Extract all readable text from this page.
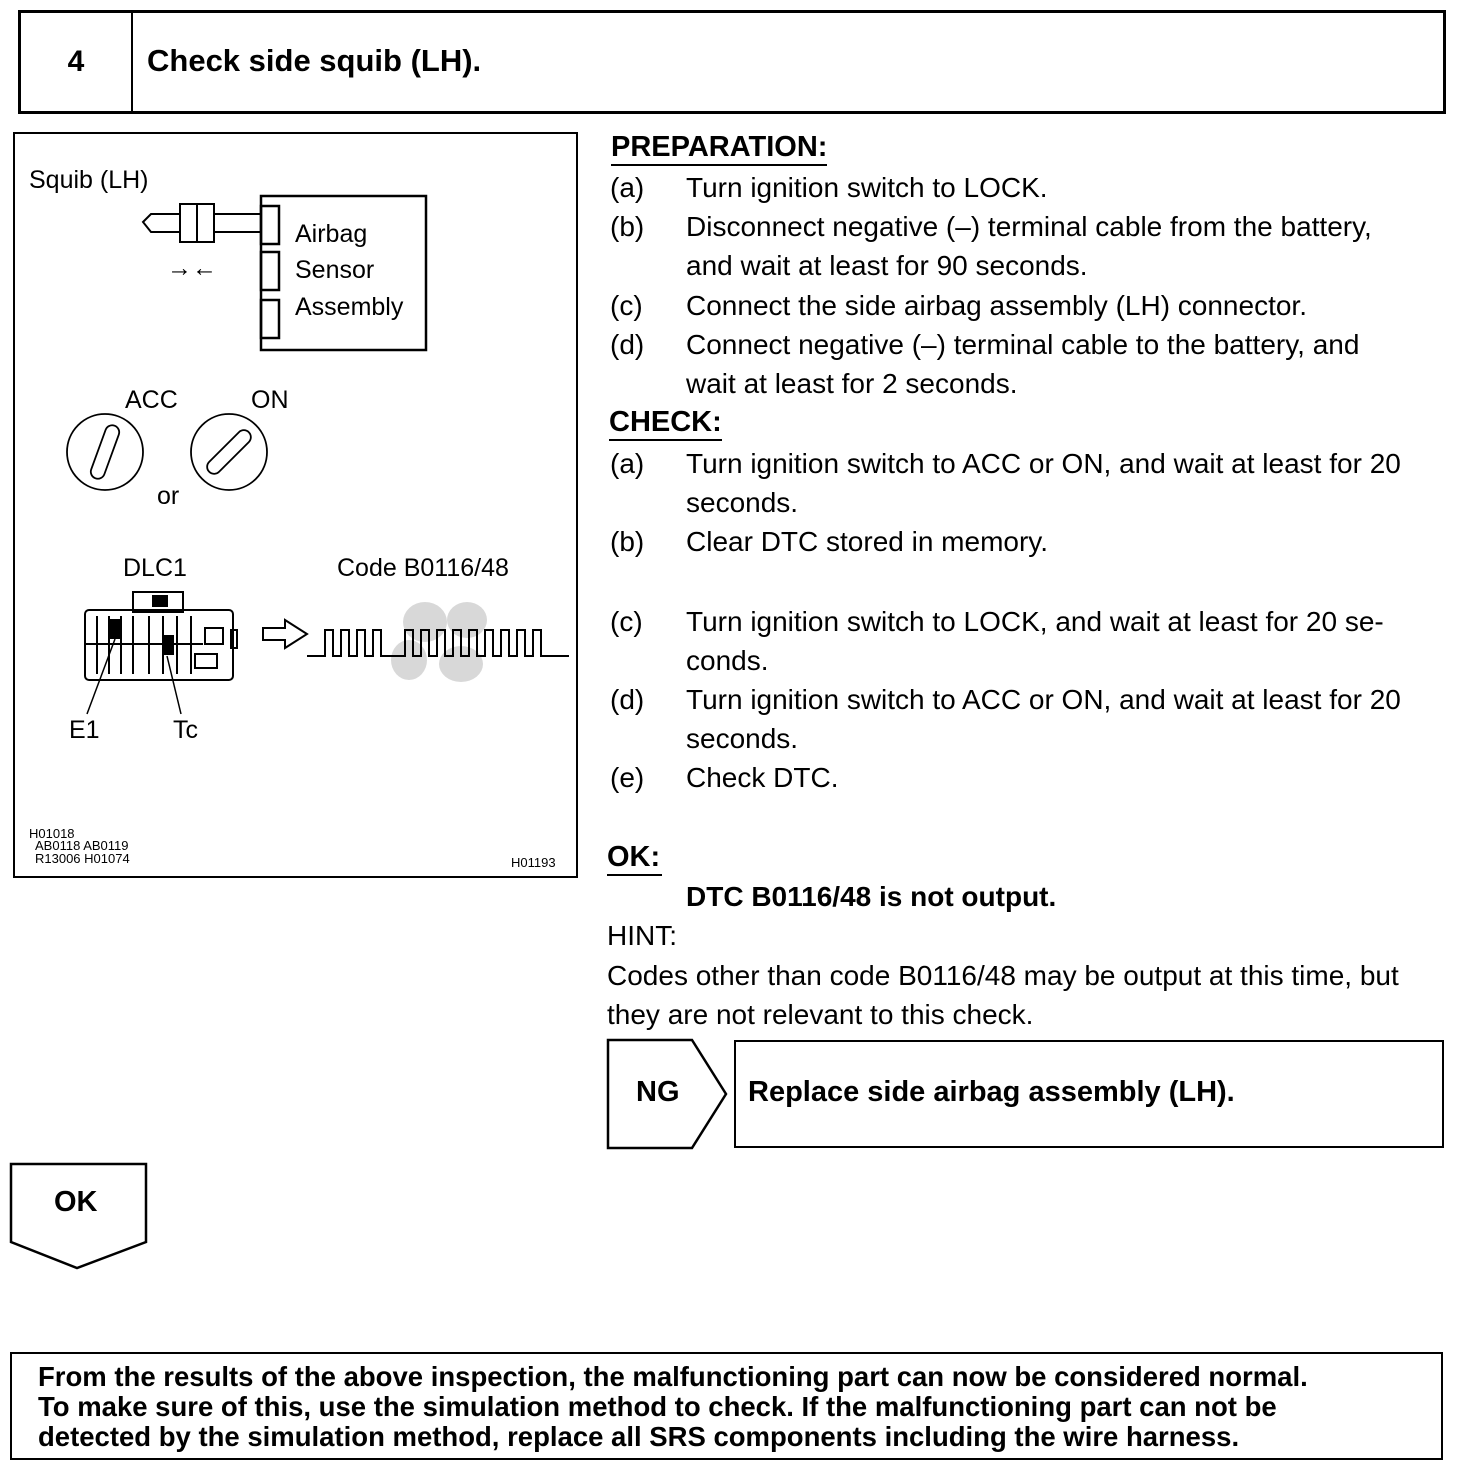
4	Check side squib (LH).
Squib (LH)
→←
Airbag
Sensor
Assembly
ACC	ON
or
DLC1	Code B0116/48
E1	Tc
H01018
AB0118 AB0119
R13006 H01074	H01193
PREPARATION:
(a) Turn ignition switch to LOCK.
(b) Disconnect negative (–) terminal cable from the battery,
and wait at least for 90 seconds.
(c) Connect the side airbag assembly (LH) connector.
(d) Connect negative (–) terminal cable to the battery, and
wait at least for 2 seconds.
CHECK:
(a) Turn ignition switch to ACC or ON, and wait at least for 20
seconds.
(b) Clear DTC stored in memory.
(c) Turn ignition switch to LOCK, and wait at least for 20 se-
conds.
(d) Turn ignition switch to ACC or ON, and wait at least for 20
seconds.
(e) Check DTC.
OK:
DTC B0116/48 is not output.
HINT:
Codes other than code B0116/48 may be output at this time, but
they are not relevant to this check.
NG Replace side airbag assembly (LH).
OK
From the results of the above inspection, the malfunctioning part can now be considered normal.
To make sure of this, use the simulation method to check. If the malfunctioning part can not be
detected by the simulation method, replace all SRS components including the wire harness.
